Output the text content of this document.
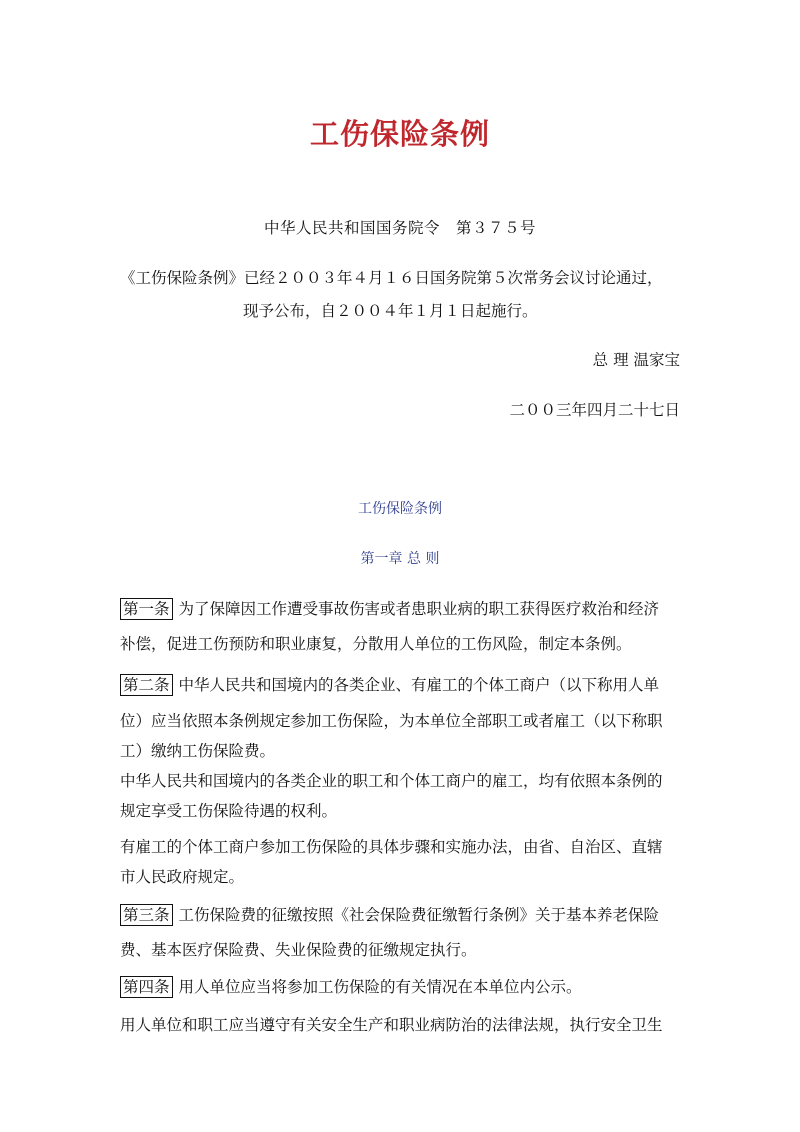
工伤保险条例
中华人民共和国国务院令　第３７５号
《工伤保险条例》已经２００３年４月１６日国务院第５次常务会议讨论通过，
现予公布，自２００４年１月１日起施行。
总 理 温家宝
二００三年四月二十七日
工伤保险条例
第一章 总 则
第一条 为了保障因工作遭受事故伤害或者患职业病的职工获得医疗救治和经济
补偿，促进工伤预防和职业康复，分散用人单位的工伤风险，制定本条例。
第二条 中华人民共和国境内的各类企业、有雇工的个体工商户（以下称用人单
位）应当依照本条例规定参加工伤保险，为本单位全部职工或者雇工（以下称职
工）缴纳工伤保险费。
中华人民共和国境内的各类企业的职工和个体工商户的雇工，均有依照本条例的
规定享受工伤保险待遇的权利。
有雇工的个体工商户参加工伤保险的具体步骤和实施办法，由省、自治区、直辖
市人民政府规定。
第三条 工伤保险费的征缴按照《社会保险费征缴暂行条例》关于基本养老保险
费、基本医疗保险费、失业保险费的征缴规定执行。
第四条 用人单位应当将参加工伤保险的有关情况在本单位内公示。
用人单位和职工应当遵守有关安全生产和职业病防治的法律法规，执行安全卫生
